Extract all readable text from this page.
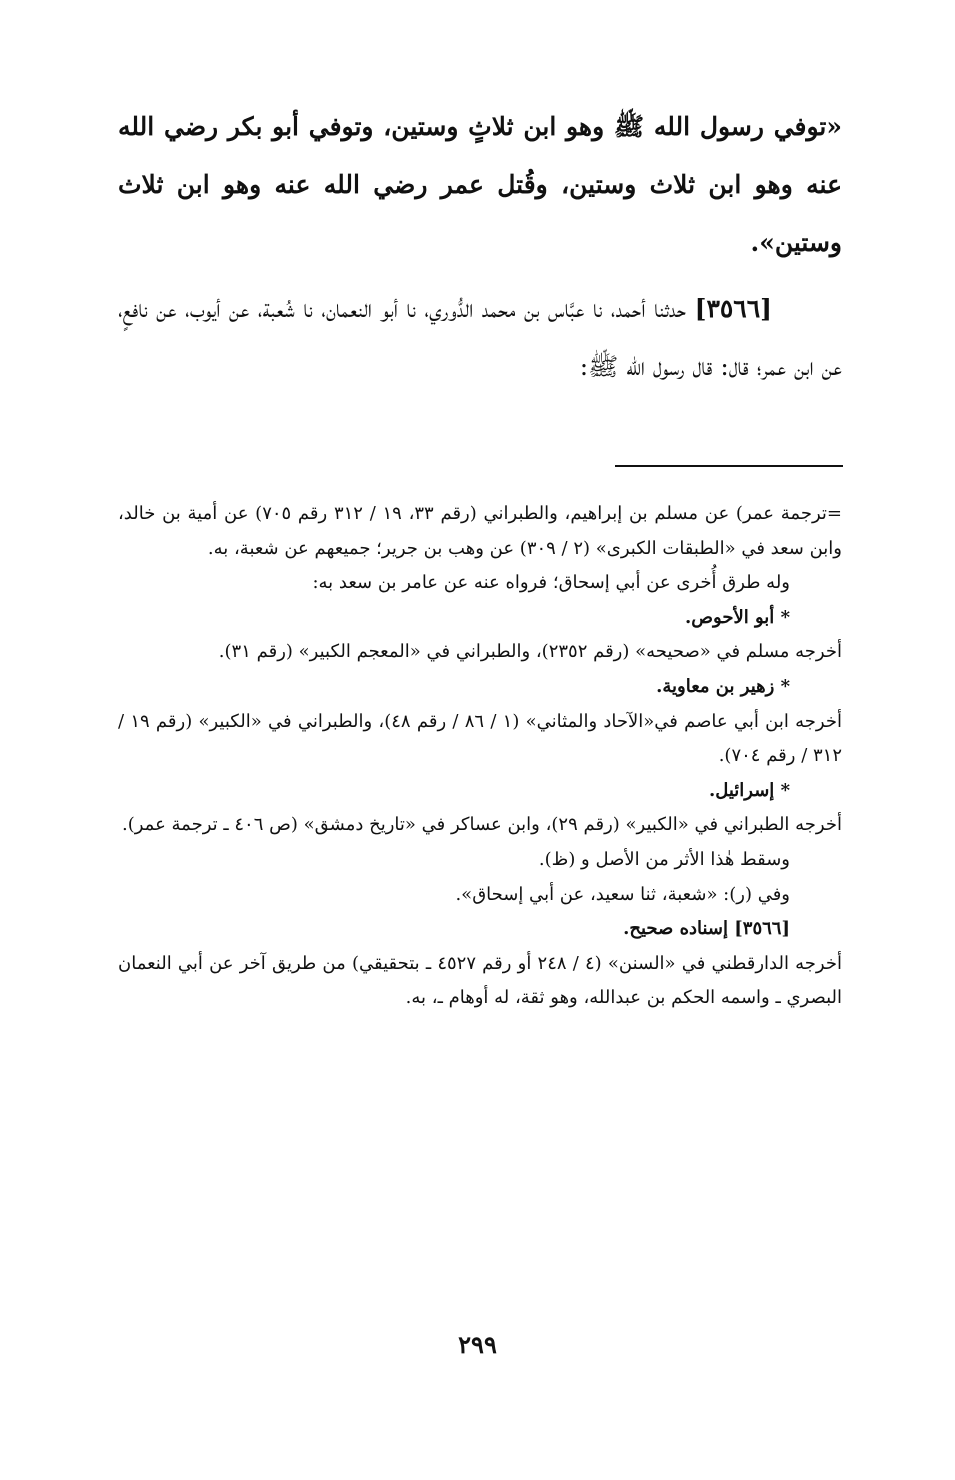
«توفي رسول الله ﷺ وهو ابن ثلاثٍ وستين، وتوفي أبو بكر رضي الله عنه وهو ابن ثلاث وستين، وقُتل عمر رضي الله عنه وهو ابن ثلاث وستين».

[٣٥٦٦] حدثنا أحمد، نا عبَّاس بن محمد الدُّوري، نا أبو النعمان، نا شُعبة، عن أيوب، عن نافعٍ، عن ابن عمر؛ قال: قال رسول الله ﷺ:

=ترجمة عمر) عن مسلم بن إبراهيم، والطبراني (رقم ٣٣، ١٩ / ٣١٢ رقم ٧٠٥) عن أمية بن خالد، وابن سعد في «الطبقات الكبرى» (٢ / ٣٠٩) عن وهب بن جرير؛ جميعهم عن شعبة، به.

وله طرق أُخرى عن أبي إسحاق؛ فرواه عنه عن عامر بن سعد به:

* أبو الأحوص.

أخرجه مسلم في «صحيحه» (رقم ٢٣٥٢)، والطبراني في «المعجم الكبير» (رقم ٣١).

* زهير بن معاوية.

أخرجه ابن أبي عاصم في«الآحاد والمثاني» (١ / ٨٦ / رقم ٤٨)، والطبراني في «الكبير» (رقم ١٩ / ٣١٢ / رقم ٧٠٤).

* إسرائيل.

أخرجه الطبراني في «الكبير» (رقم ٢٩)، وابن عساكر في «تاريخ دمشق» (ص ٤٠٦ ـ ترجمة عمر).

وسقط هٰذا الأثر من الأصل و (ظ).

وفي (ر): «شعبة، ثنا سعيد، عن أبي إسحاق».

[٣٥٦٦] إسناده صحيح.

أخرجه الدارقطني في «السنن» (٤ / ٢٤٨ أو رقم ٤٥٢٧ ـ بتحقيقي) من طريق آخر عن أبي النعمان البصري ـ واسمه الحكم بن عبدالله، وهو ثقة، له أوهام ـ، به.

٢٩٩
